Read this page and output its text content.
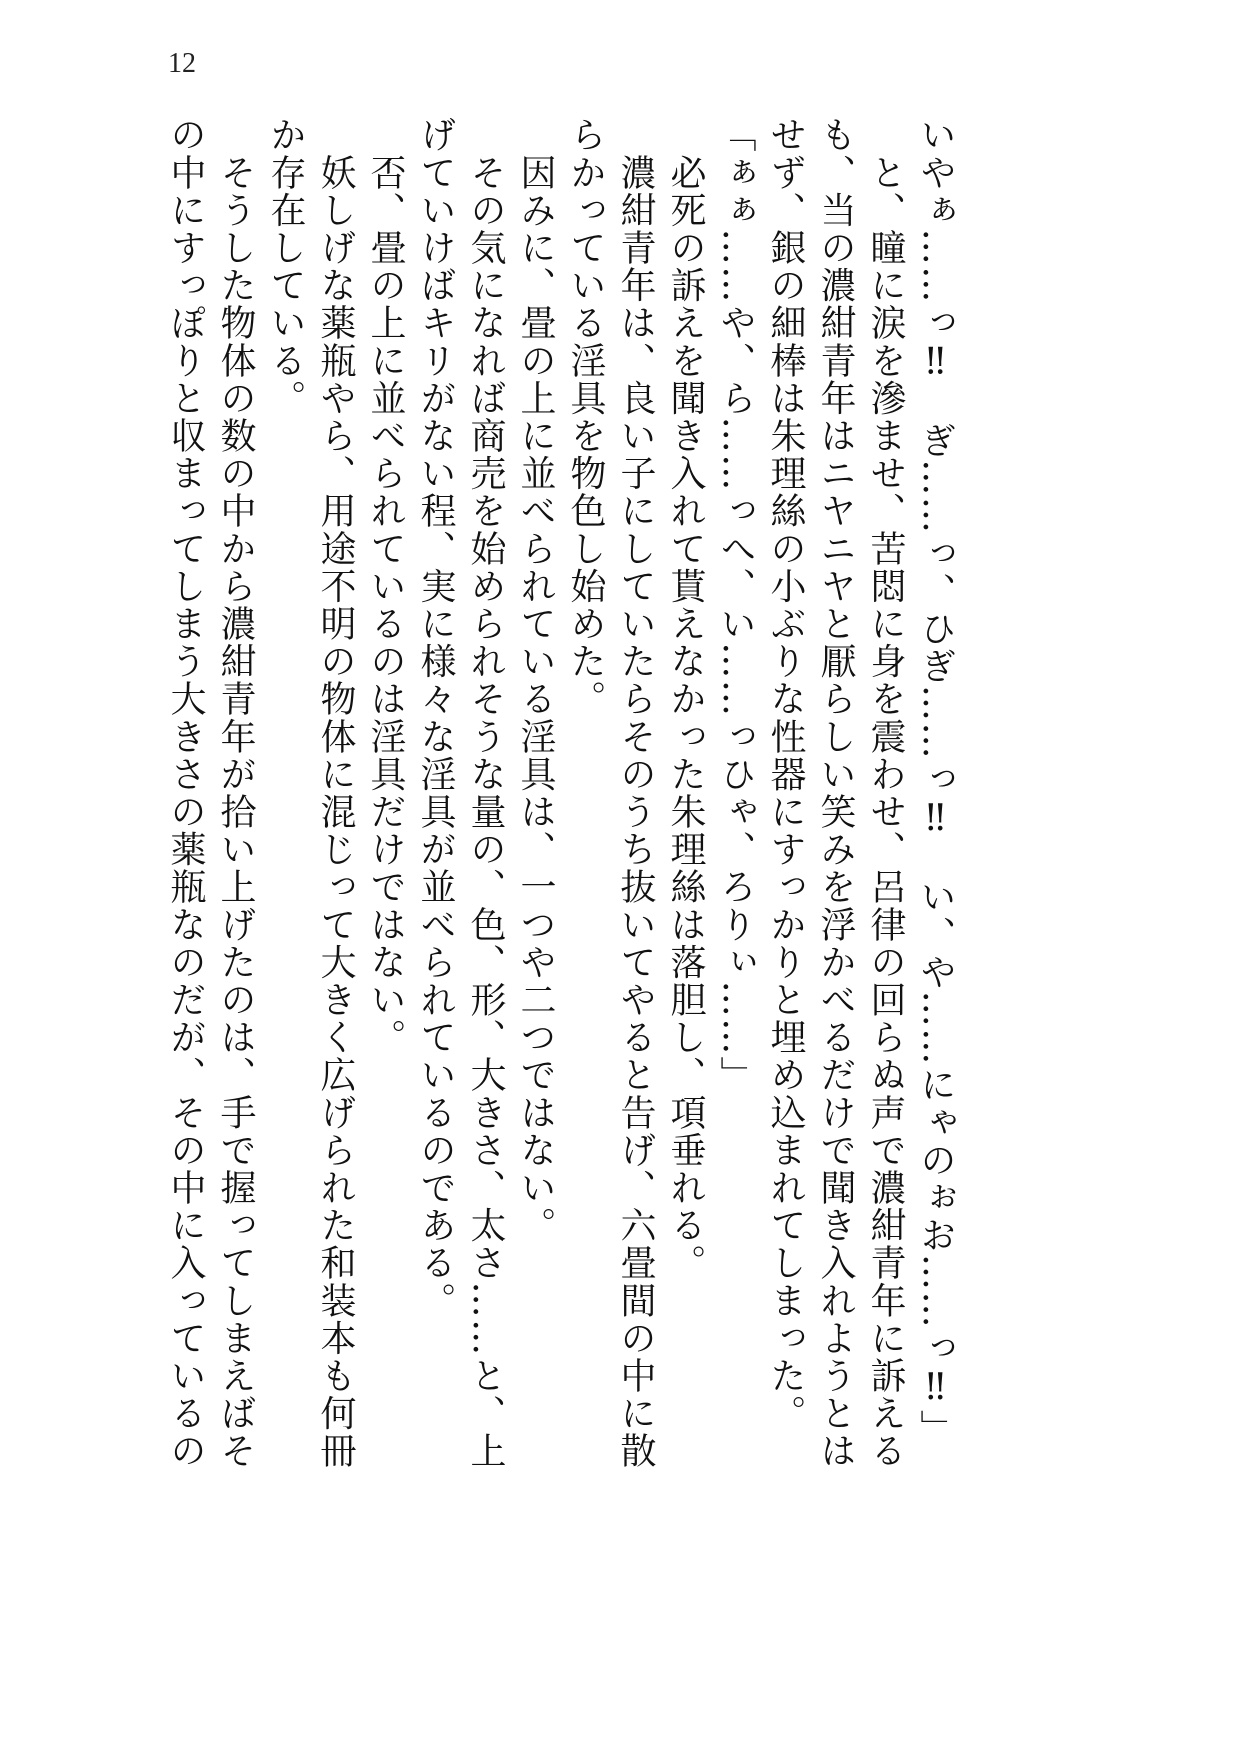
12
いやぁ……っ‼　ぎ……っ、ひぎ……っ‼　い、や……にゃのぉお……っ‼」
　と、瞳に涙を滲ませ、苦悶に身を震わせ、呂律の回らぬ声で濃紺青年に訴える
も、当の濃紺青年はニヤニヤと厭らしい笑みを浮かべるだけで聞き入れようとは
せず、銀の細棒は朱理絲の小ぶりな性器にすっかりと埋め込まれてしまった。
「ぁぁ……や、ら……っへ、い……っひゃ、ろりぃ……」
　必死の訴えを聞き入れて貰えなかった朱理絲は落胆し、項垂れる。
　濃紺青年は、良い子にしていたらそのうち抜いてやると告げ、六畳間の中に散
らかっている淫具を物色し始めた。
　因みに、畳の上に並べられている淫具は、一つや二つではない。
　その気になれば商売を始められそうな量の、色、形、大きさ、太さ……と、上
げていけばキリがない程、実に様々な淫具が並べられているのである。
　否、畳の上に並べられているのは淫具だけではない。
　妖しげな薬瓶やら、用途不明の物体に混じって大きく広げられた和装本も何冊
か存在している。
　そうした物体の数の中から濃紺青年が拾い上げたのは、手で握ってしまえばそ
の中にすっぽりと収まってしまう大きさの薬瓶なのだが、その中に入っているの
